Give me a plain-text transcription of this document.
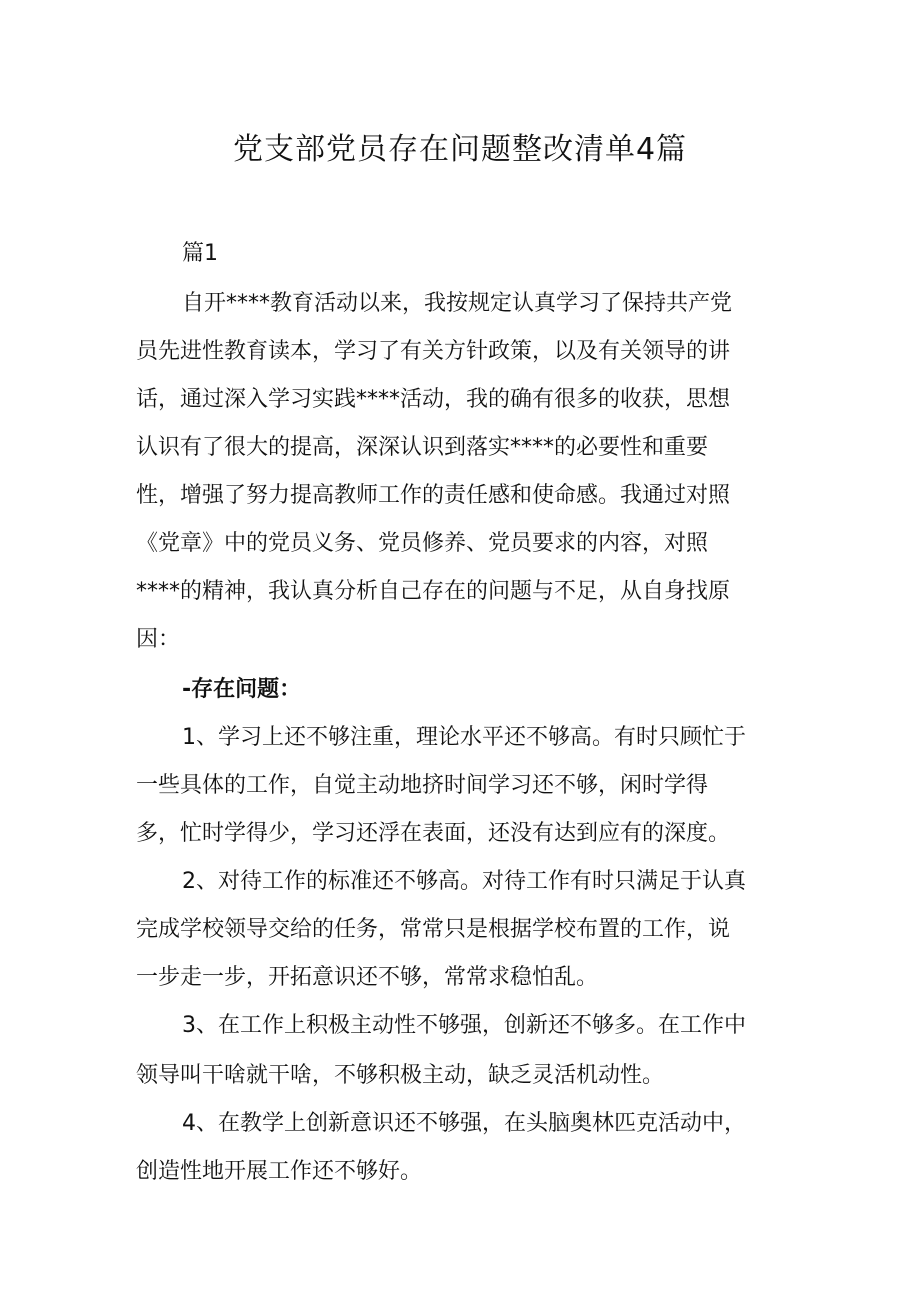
党支部党员存在问题整改清单4篇
篇1
自开****教育活动以来，我按规定认真学习了保持共产党
员先进性教育读本，学习了有关方针政策，以及有关领导的讲
话，通过深入学习实践****活动，我的确有很多的收获，思想
认识有了很大的提高，深深认识到落实****的必要性和重要
性，增强了努力提高教师工作的责任感和使命感。我通过对照
《党章》中的党员义务、党员修养、党员要求的内容，对照
****的精神，我认真分析自己存在的问题与不足，从自身找原
因：
-存在问题：
1、学习上还不够注重，理论水平还不够高。有时只顾忙于
一些具体的工作，自觉主动地挤时间学习还不够，闲时学得
多，忙时学得少，学习还浮在表面，还没有达到应有的深度。
2、对待工作的标准还不够高。对待工作有时只满足于认真
完成学校领导交给的任务，常常只是根据学校布置的工作，说
一步走一步，开拓意识还不够，常常求稳怕乱。
3、在工作上积极主动性不够强，创新还不够多。在工作中
领导叫干啥就干啥，不够积极主动，缺乏灵活机动性。
4、在教学上创新意识还不够强，在头脑奥林匹克活动中，
创造性地开展工作还不够好。
